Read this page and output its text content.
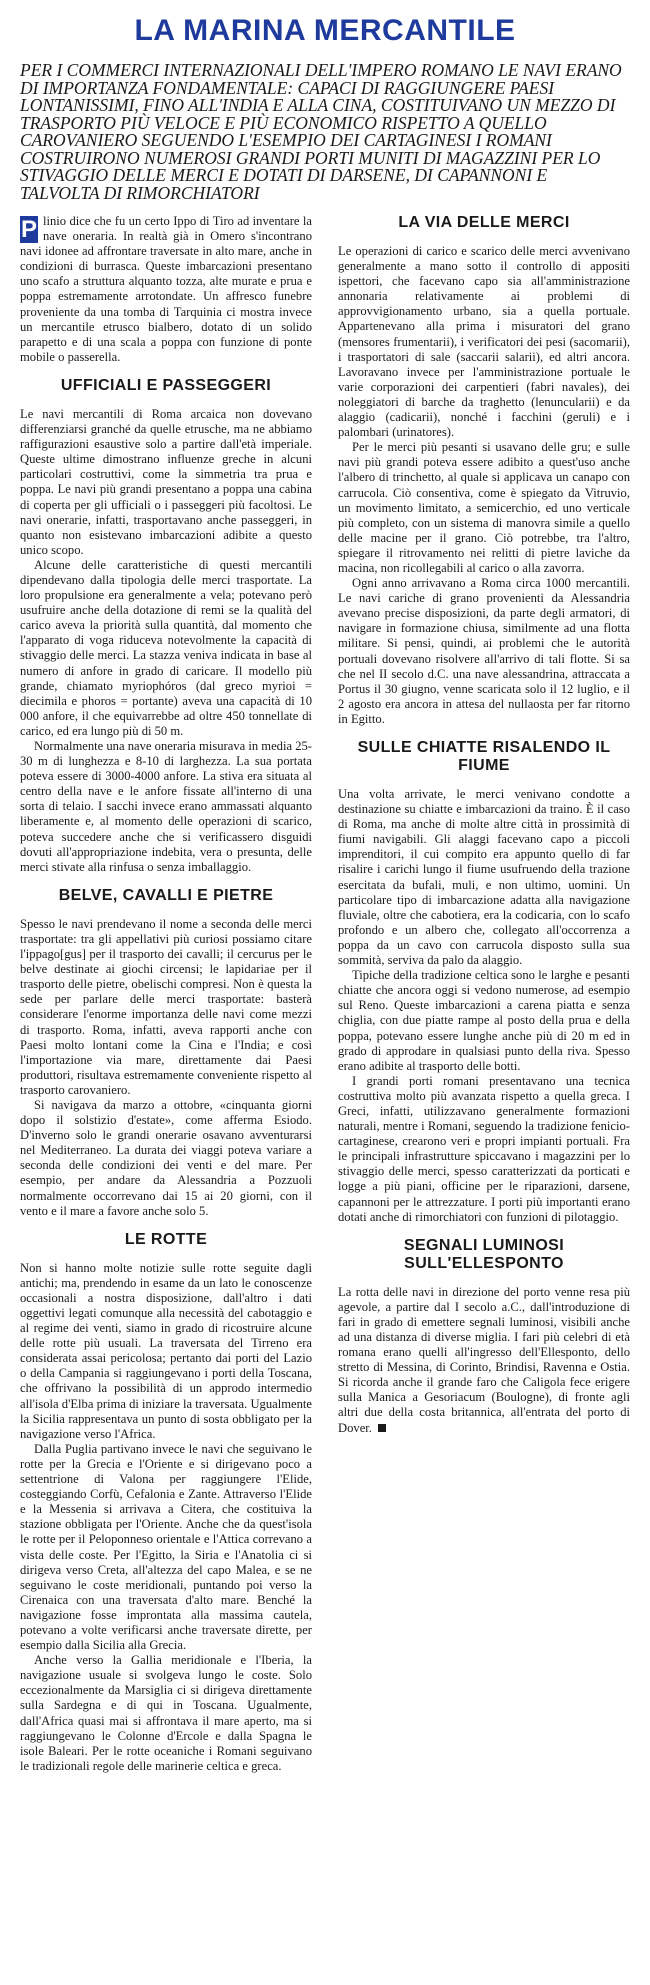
LA MARINA MERCANTILE

PER I COMMERCI INTERNAZIONALI DELL'IMPERO ROMANO LE NAVI ERANO DI IMPORTANZA FONDAMENTALE: CAPACI DI RAGGIUNGERE PAESI LONTANISSIMI, FINO ALL'INDIA E ALLA CINA, COSTITUIVANO UN MEZZO DI TRASPORTO PIÙ VELOCE E PIÙ ECONOMICO RISPETTO A QUELLO CAROVANIERO SEGUENDO L'ESEMPIO DEI CARTAGINESI I ROMANI COSTRUIRONO NUMEROSI GRANDI PORTI MUNITI DI MAGAZZINI PER LO STIVAGGIO DELLE MERCI E DOTATI DI DARSENE, DI CAPANNONI E TALVOLTA DI RIMORCHIATORI

P linio dice che fu un certo Ippo di Tiro ad inventare la nave oneraria. In realtà già in Omero s'incontrano navi idonee ad affrontare traversate in alto mare, anche in condizioni di burrasca. Queste imbarcazioni presentano uno scafo a struttura alquanto tozza, alte murate e prua e poppa estremamente arrotondate. Un affresco funebre proveniente da una tomba di Tarquinia ci mostra invece un mercantile etrusco bialbero, dotato di un solido parapetto e di una scala a poppa con funzione di ponte mobile o passerella.

UFFICIALI E PASSEGGERI

Le navi mercantili di Roma arcaica non dovevano differenziarsi granché da quelle etrusche, ma ne abbiamo raffigurazioni esaustive solo a partire dall'età imperiale. Queste ultime dimostrano influenze greche in alcuni particolari costruttivi, come la simmetria tra prua e poppa. Le navi più grandi presentano a poppa una cabina di coperta per gli ufficiali o i passeggeri più facoltosi. Le navi onerarie, infatti, trasportavano anche passeggeri, in quanto non esistevano imbarcazioni adibite a questo unico scopo.

Alcune delle caratteristiche di questi mercantili dipendevano dalla tipologia delle merci trasportate. La loro propulsione era generalmente a vela; potevano però usufruire anche della dotazione di remi se la qualità del carico aveva la priorità sulla quantità, dal momento che l'apparato di voga riduceva notevolmente la capacità di stivaggio delle merci. La stazza veniva indicata in base al numero di anfore in grado di caricare. Il modello più grande, chiamato myriophóros (dal greco myrioi = diecimila e phoros = portante) aveva una capacità di 10 000 anfore, il che equivarrebbe ad oltre 450 tonnellate di carico, ed era lungo più di 50 m.

Normalmente una nave oneraria misurava in media 25-30 m di lunghezza e 8-10 di larghezza. La sua portata poteva essere di 3000-4000 anfore. La stiva era situata al centro della nave e le anfore fissate all'interno di una sorta di telaio. I sacchi invece erano ammassati alquanto liberamente e, al momento delle operazioni di scarico, poteva succedere anche che si verificassero disguidi dovuti all'appropriazione indebita, vera o presunta, delle merci stivate alla rinfusa o senza imballaggio.

BELVE, CAVALLI E PIETRE

Spesso le navi prendevano il nome a seconda delle merci trasportate: tra gli appellativi più curiosi possiamo citare l'ippago[gus] per il trasporto dei cavalli; il cercurus per le belve destinate ai giochi circensi; le lapidariae per il trasporto delle pietre, obelischi compresi. Non è questa la sede per parlare delle merci trasportate: basterà considerare l'enorme importanza delle navi come mezzi di trasporto. Roma, infatti, aveva rapporti anche con Paesi molto lontani come la Cina e l'India; e così l'importazione via mare, direttamente dai Paesi produttori, risultava estremamente conveniente rispetto al trasporto carovaniero.

Si navigava da marzo a ottobre, «cinquanta giorni dopo il solstizio d'estate», come afferma Esiodo. D'inverno solo le grandi onerarie osavano avventurarsi nel Mediterraneo. La durata dei viaggi poteva variare a seconda delle condizioni dei venti e del mare. Per esempio, per andare da Alessandria a Pozzuoli normalmente occorrevano dai 15 ai 20 giorni, con il vento e il mare a favore anche solo 5.

LE ROTTE

Non si hanno molte notizie sulle rotte seguite dagli antichi; ma, prendendo in esame da un lato le conoscenze occasionali a nostra disposizione, dall'altro i dati oggettivi legati comunque alla necessità del cabotaggio e al regime dei venti, siamo in grado di ricostruire alcune delle rotte più usuali. La traversata del Tirreno era considerata assai pericolosa; pertanto dai porti del Lazio o della Campania si raggiungevano i porti della Toscana, che offrivano la possibilità di un approdo intermedio all'isola d'Elba prima di iniziare la traversata. Ugualmente la Sicilia rappresentava un punto di sosta obbligato per la navigazione verso l'Africa.

Dalla Puglia partivano invece le navi che seguivano le rotte per la Grecia e l'Oriente e si dirigevano poco a settentrione di Valona per raggiungere l'Elide, costeggiando Corfù, Cefalonia e Zante. Attraverso l'Elide e la Messenia si arrivava a Citera, che costituiva la stazione obbligata per l'Oriente. Anche che da quest'isola le rotte per il Peloponneso orientale e l'Attica correvano a vista delle coste. Per l'Egitto, la Siria e l'Anatolia ci si dirigeva verso Creta, all'altezza del capo Malea, e se ne seguivano le coste meridionali, puntando poi verso la Cirenaica con una traversata d'alto mare. Benché la navigazione fosse improntata alla massima cautela, potevano a volte verificarsi anche traversate dirette, per esempio dalla Sicilia alla Grecia.

Anche verso la Gallia meridionale e l'Iberia, la navigazione usuale si svolgeva lungo le coste. Solo eccezionalmente da Marsiglia ci si dirigeva direttamente sulla Sardegna e di qui in Toscana. Ugualmente, dall'Africa quasi mai si affrontava il mare aperto, ma si raggiungevano le Colonne d'Ercole e dalla Spagna le isole Baleari. Per le rotte oceaniche i Romani seguivano le tradizionali regole delle marinerie celtica e greca.

LA VIA DELLE MERCI

Le operazioni di carico e scarico delle merci avvenivano generalmente a mano sotto il controllo di appositi ispettori, che facevano capo sia all'amministrazione annonaria relativamente ai problemi di approvvigionamento urbano, sia a quella portuale. Appartenevano alla prima i misuratori del grano (mensores frumentarii), i verificatori dei pesi (sacomarii), i trasportatori di sale (saccarii salarii), ed altri ancora. Lavoravano invece per l'amministrazione portuale le varie corporazioni dei carpentieri (fabri navales), dei noleggiatori di barche da traghetto (lenuncularii) e da alaggio (cadicarii), nonché i facchini (geruli) e i palombari (urinatores).

Per le merci più pesanti si usavano delle gru; e sulle navi più grandi poteva essere adibito a quest'uso anche l'albero di trinchetto, al quale si applicava un canapo con carrucola. Ciò consentiva, come è spiegato da Vitruvio, un movimento limitato, a semicerchio, ed uno verticale più completo, con un sistema di manovra simile a quello delle macine per il grano. Ciò potrebbe, tra l'altro, spiegare il ritrovamento nei relitti di pietre laviche da macina, non ricollegabili al carico o alla zavorra.

Ogni anno arrivavano a Roma circa 1000 mercantili. Le navi cariche di grano provenienti da Alessandria avevano precise disposizioni, da parte degli armatori, di navigare in formazione chiusa, similmente ad una flotta militare. Si pensi, quindi, ai problemi che le autorità portuali dovevano risolvere all'arrivo di tali flotte. Si sa che nel II secolo d.C. una nave alessandrina, attraccata a Portus il 30 giugno, venne scaricata solo il 12 luglio, e il 2 agosto era ancora in attesa del nullaosta per far ritorno in Egitto.

SULLE CHIATTE RISALENDO IL FIUME

Una volta arrivate, le merci venivano condotte a destinazione su chiatte e imbarcazioni da traino. È il caso di Roma, ma anche di molte altre città in prossimità di fiumi navigabili. Gli alaggi facevano capo a piccoli imprenditori, il cui compito era appunto quello di far risalire i carichi lungo il fiume usufruendo della trazione esercitata da bufali, muli, e non ultimo, uomini. Un particolare tipo di imbarcazione adatta alla navigazione fluviale, oltre che cabotiera, era la codicaria, con lo scafo profondo e un albero che, collegato all'occorrenza a poppa da un cavo con carrucola disposto sulla sua sommità, serviva da palo da alaggio.

Tipiche della tradizione celtica sono le larghe e pesanti chiatte che ancora oggi si vedono numerose, ad esempio sul Reno. Queste imbarcazioni a carena piatta e senza chiglia, con due piatte rampe al posto della prua e della poppa, potevano essere lunghe anche più di 20 m ed in grado di approdare in qualsiasi punto della riva. Spesso erano adibite al trasporto delle botti.

I grandi porti romani presentavano una tecnica costruttiva molto più avanzata rispetto a quella greca. I Greci, infatti, utilizzavano generalmente formazioni naturali, mentre i Romani, seguendo la tradizione fenicio-cartaginese, crearono veri e propri impianti portuali. Fra le principali infrastrutture spiccavano i magazzini per lo stivaggio delle merci, spesso caratterizzati da porticati e logge a più piani, officine per le riparazioni, darsene, capannoni per le attrezzature. I porti più importanti erano dotati anche di rimorchiatori con funzioni di pilotaggio.

SEGNALI LUMINOSI SULL'ELLESPONTO

La rotta delle navi in direzione del porto venne resa più agevole, a partire dal I secolo a.C., dall'introduzione di fari in grado di emettere segnali luminosi, visibili anche ad una distanza di diverse miglia. I fari più celebri di età romana erano quelli all'ingresso dell'Ellesponto, dello stretto di Messina, di Corinto, Brindisi, Ravenna e Ostia. Si ricorda anche il grande faro che Caligola fece erigere sulla Manica a Gesoriacum (Boulogne), di fronte agli altri due della costa britannica, all'entrata del porto di Dover.
